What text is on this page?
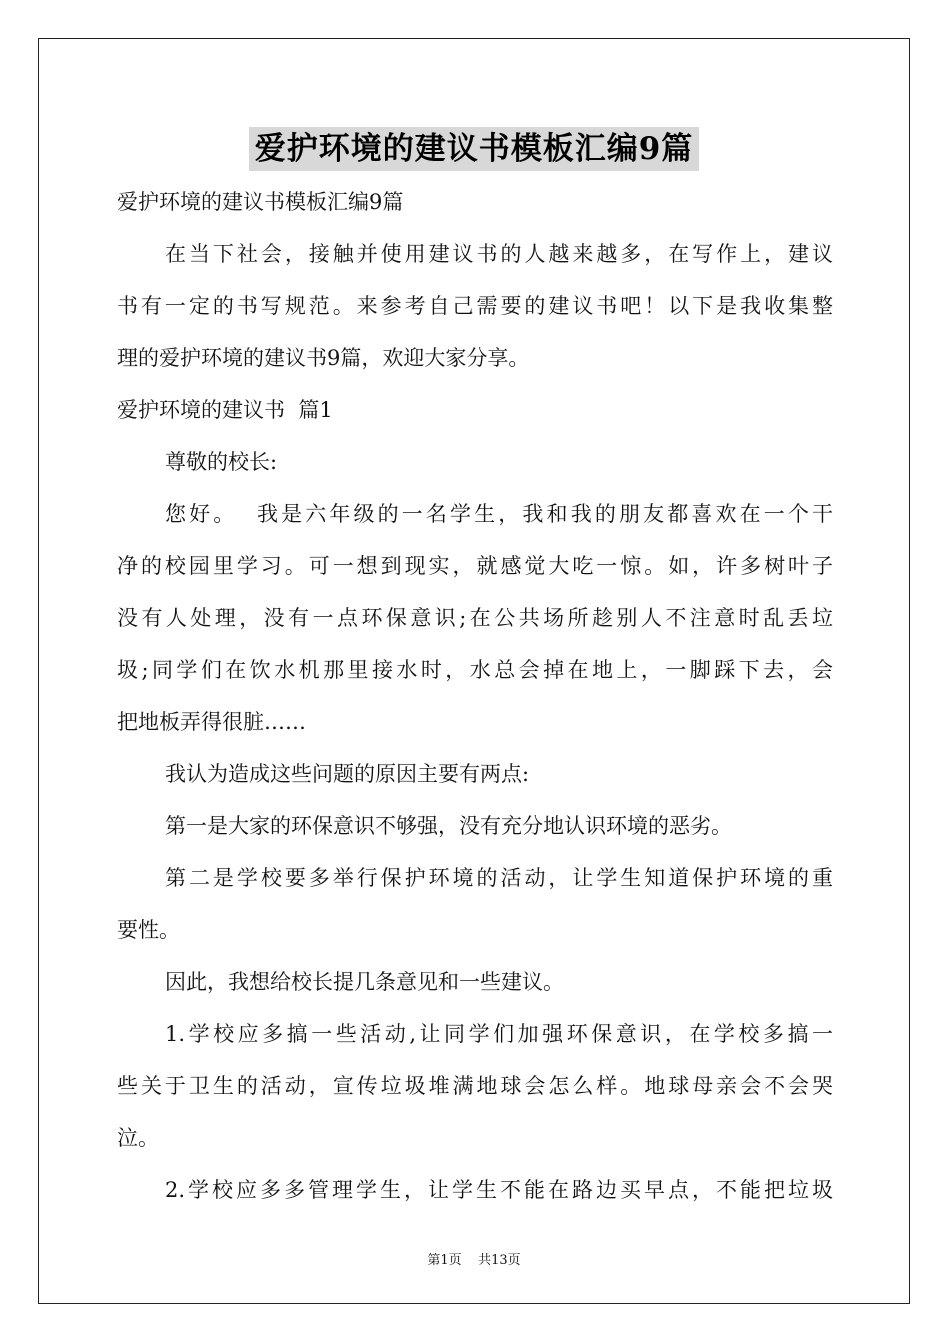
爱护环境的建议书模板汇编9篇
爱护环境的建议书模板汇编9篇
在当下社会，接触并使用建议书的人越来越多，在写作上，建议
书有一定的书写规范。来参考自己需要的建议书吧！以下是我收集整
理的爱护环境的建议书9篇，欢迎大家分享。
爱护环境的建议书  篇1
尊敬的校长:
您好。  我是六年级的一名学生，我和我的朋友都喜欢在一个干
净的校园里学习。可一想到现实，就感觉大吃一惊。如，许多树叶子
没有人处理，没有一点环保意识;在公共场所趁别人不注意时乱丢垃
圾;同学们在饮水机那里接水时，水总会掉在地上，一脚踩下去，会
把地板弄得很脏……
我认为造成这些问题的原因主要有两点:
第一是大家的环保意识不够强，没有充分地认识环境的恶劣。
第二是学校要多举行保护环境的活动，让学生知道保护环境的重
要性。
因此，我想给校长提几条意见和一些建议。
1.学校应多搞一些活动,让同学们加强环保意识，在学校多搞一
些关于卫生的活动，宣传垃圾堆满地球会怎么样。地球母亲会不会哭
泣。
2.学校应多多管理学生，让学生不能在路边买早点，不能把垃圾
第1页    共13页
